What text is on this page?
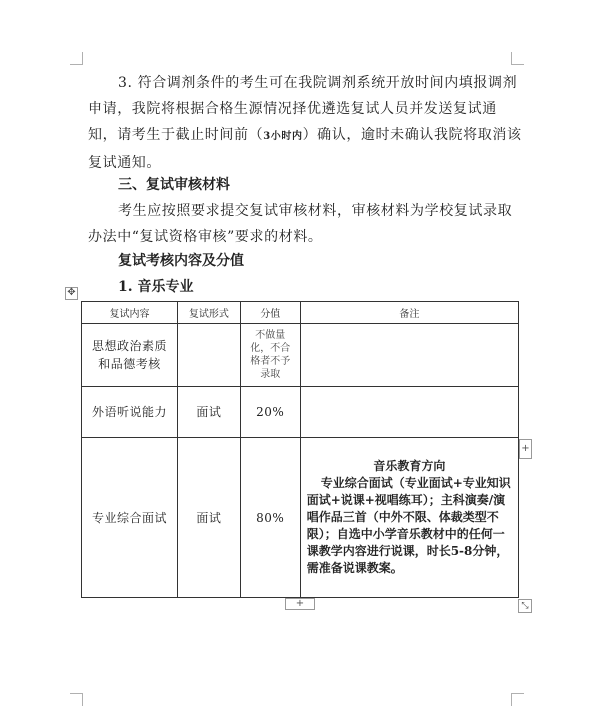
3. 符合调剂条件的考生可在我院调剂系统开放时间内填报调剂申请，我院将根据合格生源情况择优遴选复试人员并发送复试通知，请考生于截止时间前（3小时内）确认，逾时未确认我院将取消该复试通知。
三、复试审核材料
考生应按照要求提交复试审核材料，审核材料为学校复试录取办法中“复试资格审核”要求的材料。
复试考核内容及分值
1. 音乐专业
✥
复试内容	复试形式	分值	备注

思想政治素质和品德考核		不做量化，不合格者不予录取	

外语听说能力	面试	20%	
专业综合面试	面试	80%	音乐教育方向
专业综合面试（专业面试+专业知识面试+说课+视唱练耳）；主科演奏/演唱作品三首（中外不限、体裁类型不限）；自选中小学音乐教材中的任何一课教学内容进行说课，时长5-8分钟，需准备说课教案。
+
+	⤡
